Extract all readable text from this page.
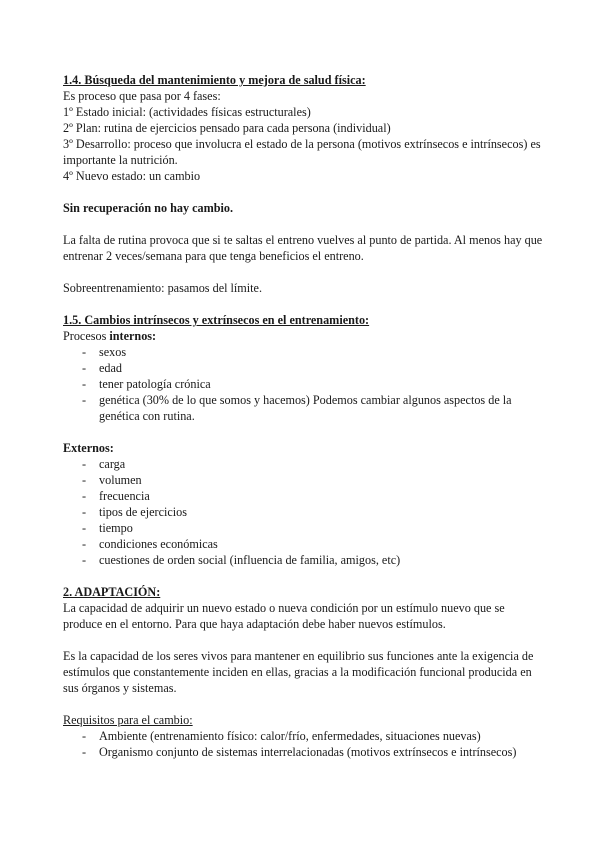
1.4. Búsqueda del mantenimiento y mejora de salud física:

Es proceso que pasa por 4 fases:

1º Estado inicial: (actividades físicas estructurales)

2º Plan: rutina de ejercicios pensado para cada persona (individual)

3º Desarrollo: proceso que involucra el estado de la persona (motivos extrínsecos e intrínsecos) es importante la nutrición.

4º Nuevo estado: un cambio

Sin recuperación no hay cambio.

La falta de rutina provoca que si te saltas el entreno vuelves al punto de partida. Al menos hay que entrenar 2 veces/semana para que tenga beneficios el entreno.

Sobreentrenamiento: pasamos del límite.

1.5. Cambios intrínsecos y extrínsecos en el entrenamiento:

Procesos internos:

- sexos
- edad
- tener patología crónica
- genética (30% de lo que somos y hacemos) Podemos cambiar algunos aspectos de la genética con rutina.

Externos:

- carga
- volumen
- frecuencia
- tipos de ejercicios
- tiempo
- condiciones económicas
- cuestiones de orden social (influencia de familia, amigos, etc)

2. ADAPTACIÓN:

La capacidad de adquirir un nuevo estado o nueva condición por un estímulo nuevo que se produce en el entorno. Para que haya adaptación debe haber nuevos estímulos.

Es la capacidad de los seres vivos para mantener en equilibrio sus funciones ante la exigencia de estímulos que constantemente inciden en ellas, gracias a la modificación funcional producida en sus órganos y sistemas.

Requisitos para el cambio:

- Ambiente (entrenamiento físico: calor/frío, enfermedades, situaciones nuevas)
- Organismo conjunto de sistemas interrelacionadas (motivos extrínsecos e intrínsecos)
